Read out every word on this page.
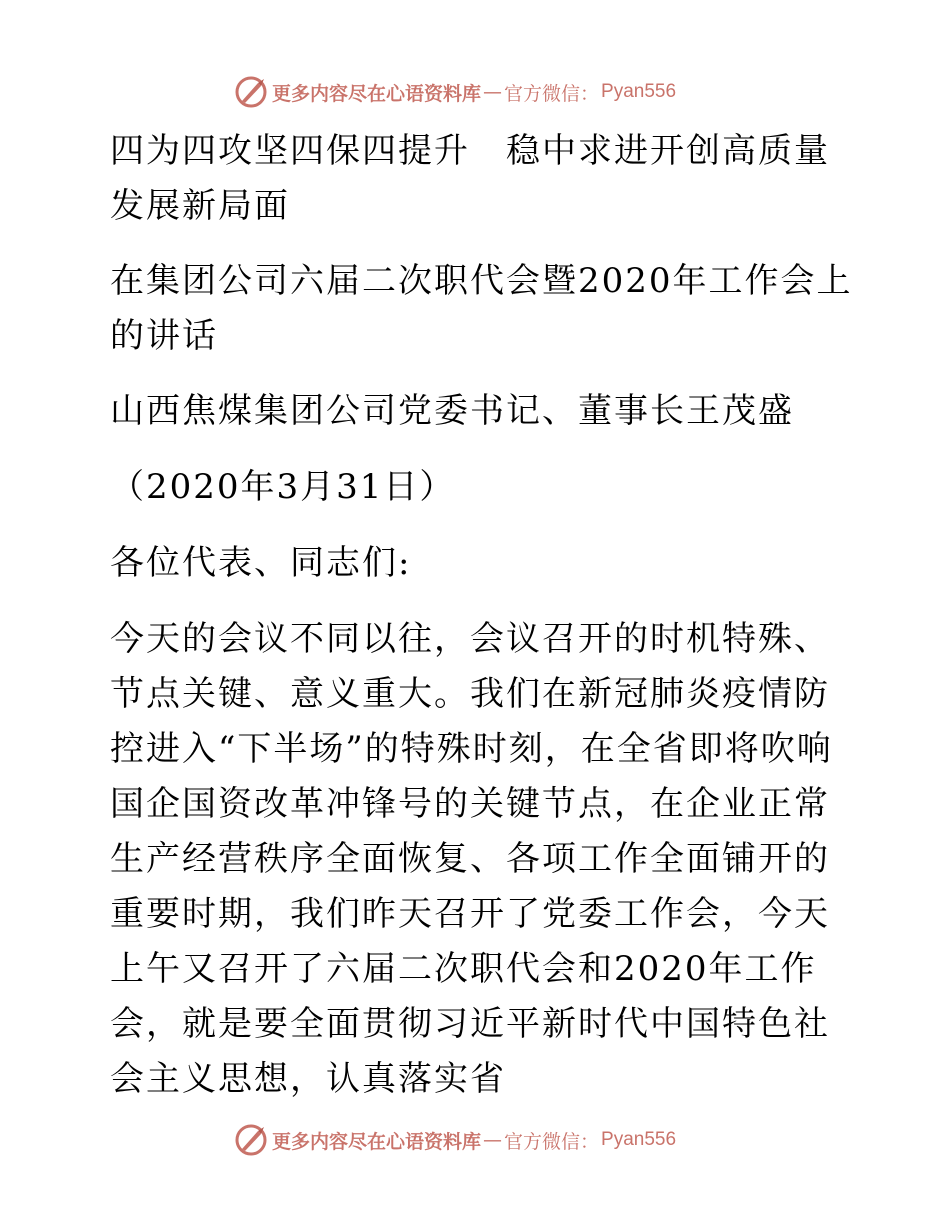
更多内容尽在心语资料库 — 官方微信： Pyan556

四为四攻坚四保四提升　稳中求进开创高质量发展新局面

在集团公司六届二次职代会暨2020年工作会上的讲话

山西焦煤集团公司党委书记、董事长王茂盛

（2020年3月31日）

各位代表、同志们:

今天的会议不同以往，会议召开的时机特殊、节点关键、意义重大。我们在新冠肺炎疫情防控进入“下半场”的特殊时刻，在全省即将吹响国企国资改革冲锋号的关键节点，在企业正常生产经营秩序全面恢复、各项工作全面铺开的重要时期，我们昨天召开了党委工作会，今天上午又召开了六届二次职代会和2020年工作会，就是要全面贯彻习近平新时代中国特色社会主义思想，认真落实省

更多内容尽在心语资料库 — 官方微信： Pyan556
